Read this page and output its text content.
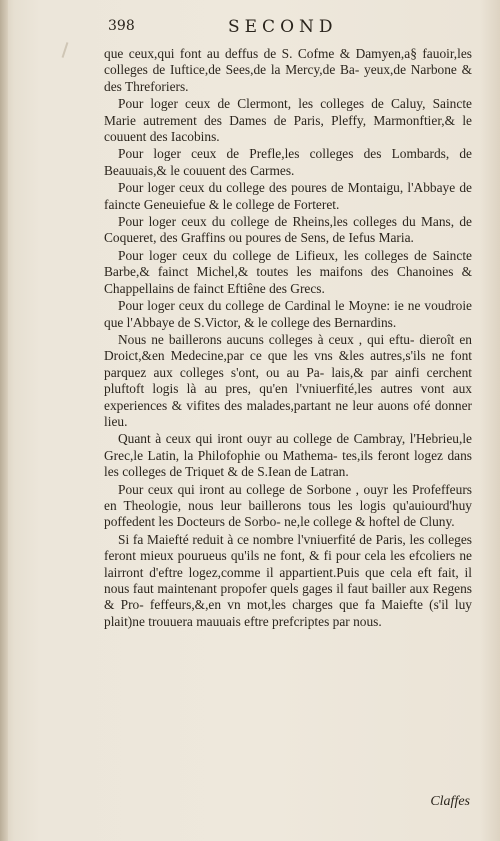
398	SECOND

que ceux,qui font au deffus de S. Cofme & Damyen,a§ fauoir,les colleges de Iuftice,de Sees,de la Mercy,de Ba- yeux,de Narbone & des Threforiers.

Pour loger ceux de Clermont, les colleges de Caluy, Saincte Marie autrement des Dames de Paris, Pleffy, Marmonftier,& le couuent des Iacobins.

Pour loger ceux de Prefle,les colleges des Lombards, de Beauuais,& le couuent des Carmes.

Pour loger ceux du college des poures de Montaigu, l'Abbaye de faincte Geneuiefue & le college de Forteret.

Pour loger ceux du college de Rheins,les colleges du Mans, de Coqueret, des Graffins ou poures de Sens, de Iefus Maria.

Pour loger ceux du college de Lifieux, les colleges de Saincte Barbe,& fainct Michel,& toutes les maifons des Chanoines & Chappellains de fainct Eftiêne des Grecs.

Pour loger ceux du college de Cardinal le Moyne: ie ne voudroie que l'Abbaye de S.Victor, & le college des Bernardins.

Nous ne baillerons aucuns colleges à ceux , qui eftu- dieroît en Droict,&en Medecine,par ce que les vns &les autres,s'ils ne font parquez aux colleges s'ont, ou au Pa- lais,& par ainfi cerchent pluftoft logis là au pres, qu'en l'vniuerfité,les autres vont aux experiences & vifites des malades,partant ne leur auons ofé donner lieu.

Quant à ceux qui iront ouyr au college de Cambray, l'Hebrieu,le Grec,le Latin, la Philofophie ou Mathema- tes,ils feront logez dans les colleges de Triquet & de S.Iean de Latran.

Pour ceux qui iront au college de Sorbone , ouyr les Profeffeurs en Theologie, nous leur baillerons tous les logis qu'auiourd'huy poffedent les Docteurs de Sorbo- ne,le college & hoftel de Cluny.

Si fa Maiefté reduit à ce nombre l'vniuerfité de Paris, les colleges feront mieux pourueus qu'ils ne font, & fi pour cela les efcoliers ne lairront d'eftre logez,comme il appartient.Puis que cela eft fait, il nous faut maintenant propofer quels gages il faut bailler aux Regens & Pro- feffeurs,&,en vn mot,les charges que fa Maiefte (s'il luy plait)ne trouuera mauuais eftre prefcriptes par nous.

Claffes
